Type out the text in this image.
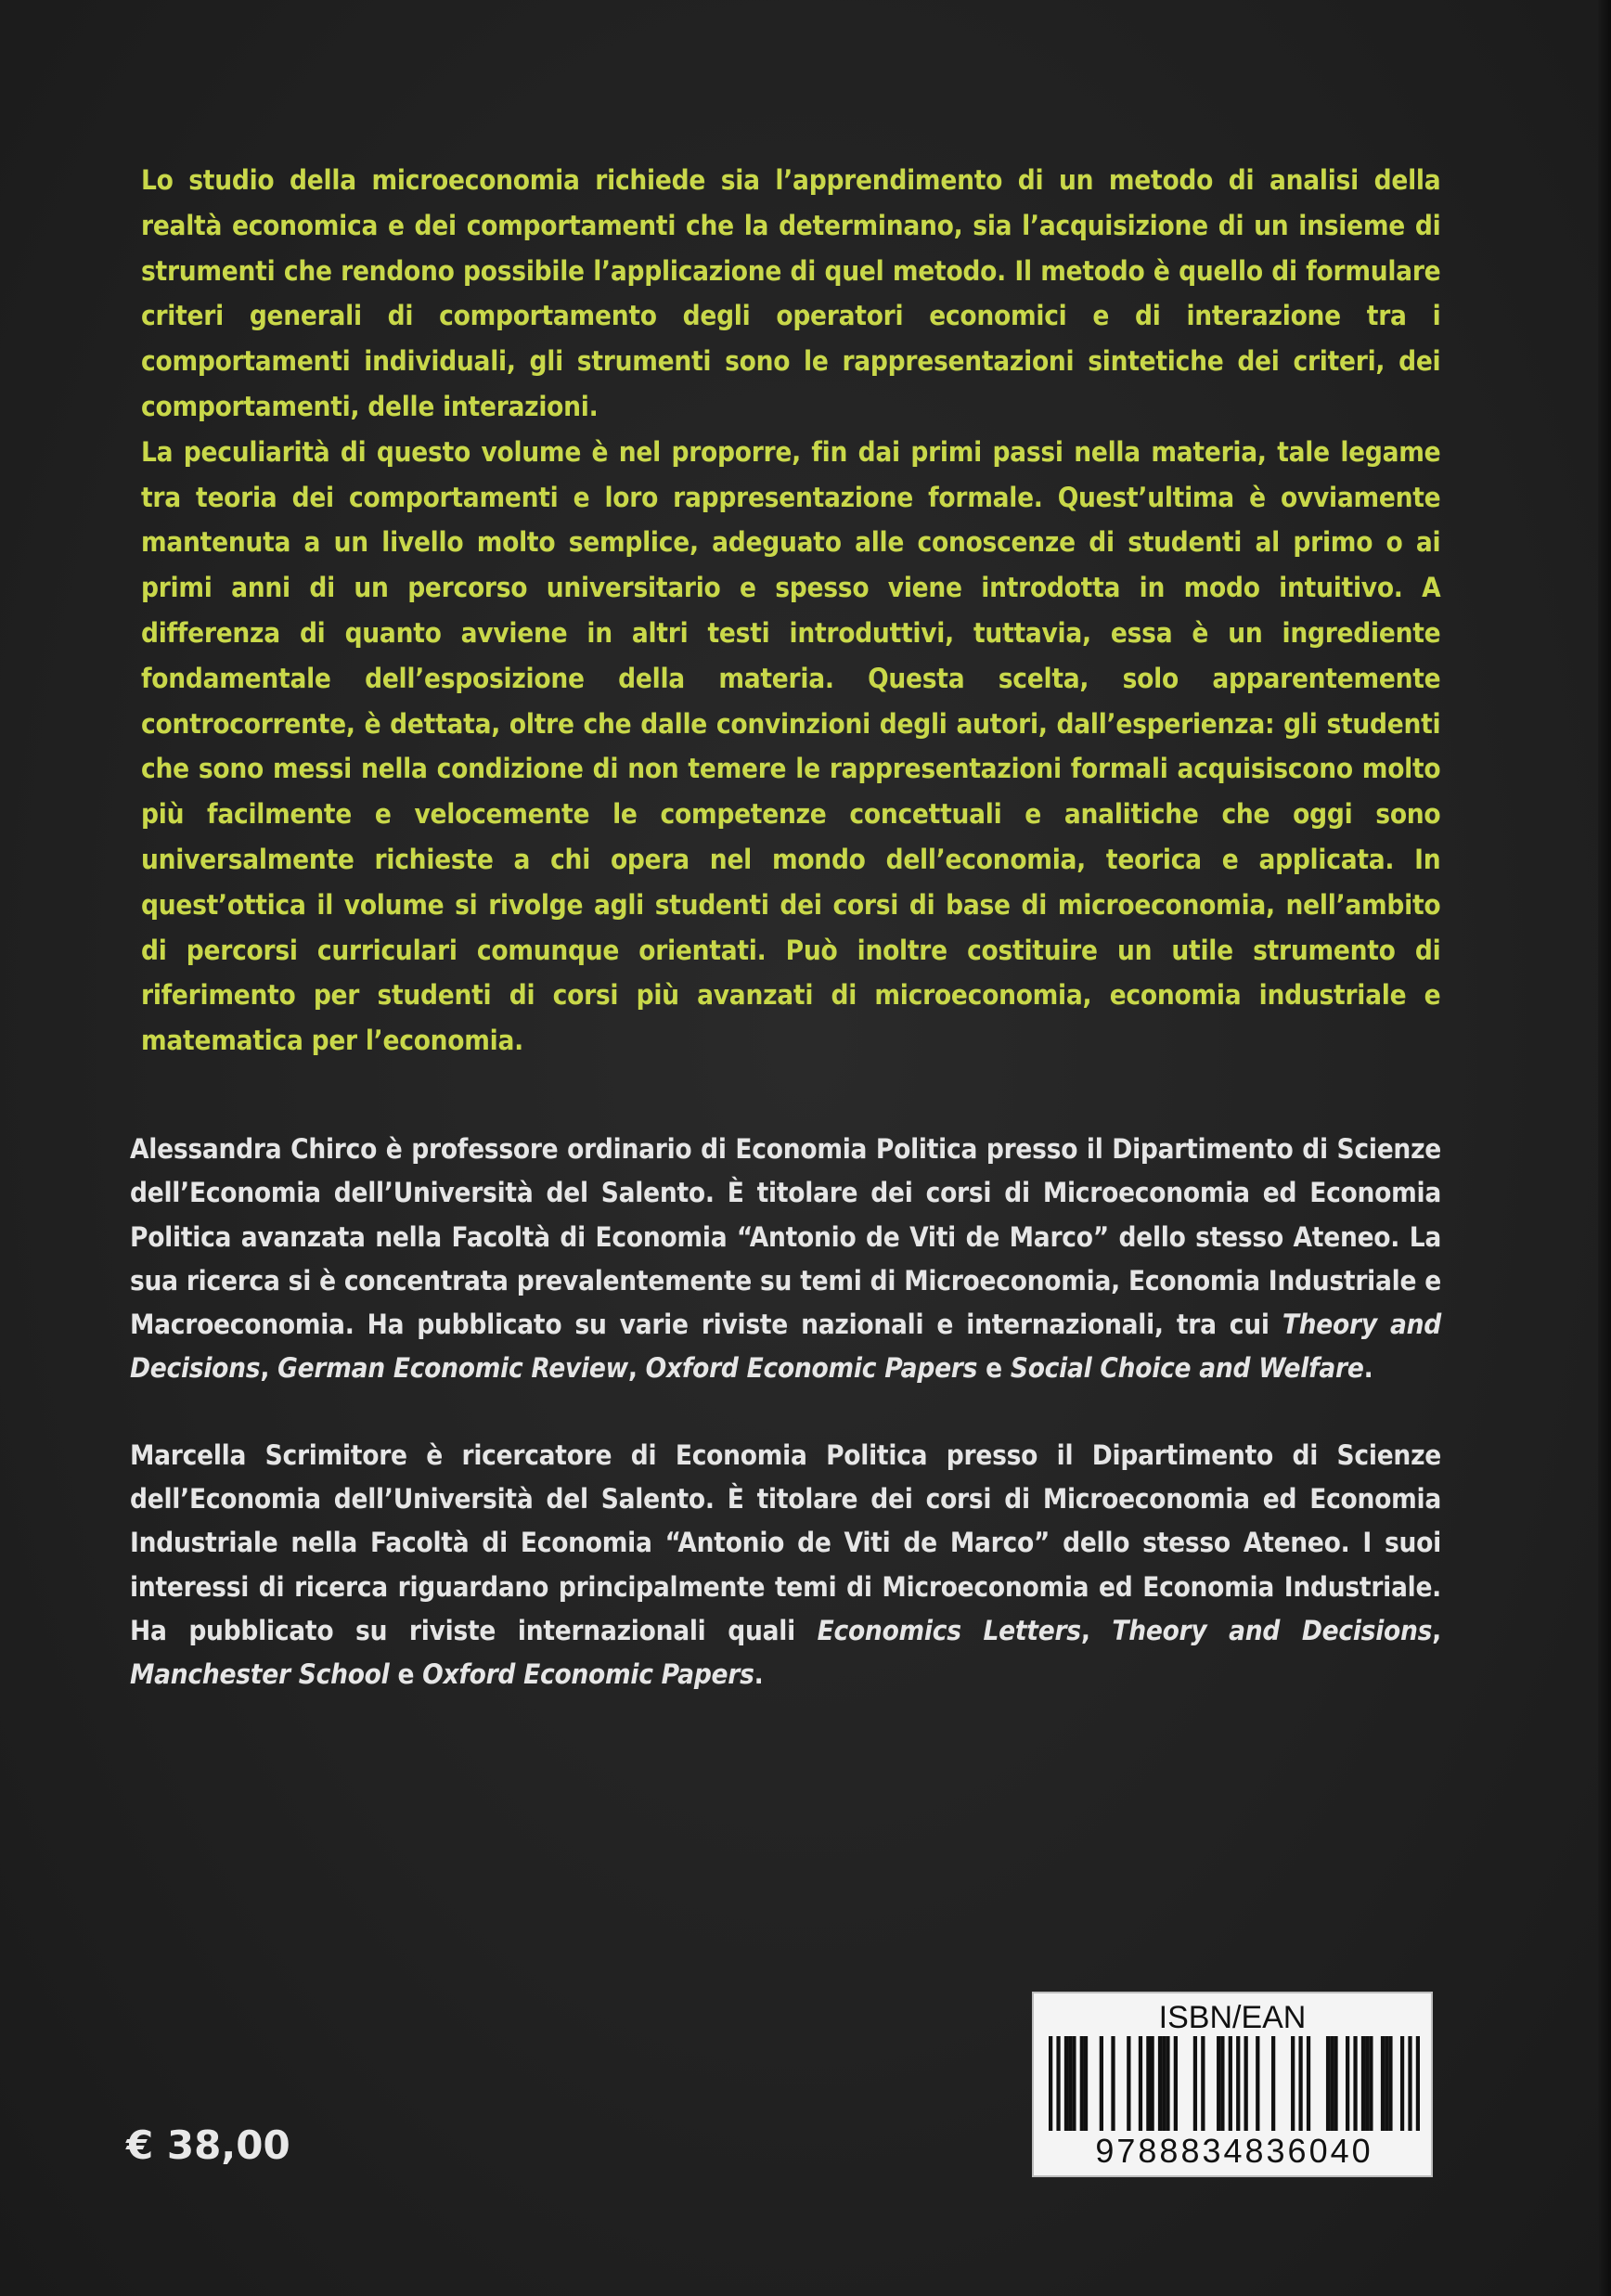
Lo studio della microeconomia richiede sia l’apprendimento di un metodo di analisi della realtà economica e dei comportamenti che la determinano, sia l’acquisizione di un insieme di strumenti che rendono possibile l’applicazione di quel metodo. Il metodo è quello di formulare criteri generali di comportamento degli operatori economici e di interazione tra i comportamenti individuali, gli strumenti sono le rappresentazioni sintetiche dei criteri, dei comportamenti, delle interazioni.

La peculiarità di questo volume è nel proporre, fin dai primi passi nella materia, tale legame tra teoria dei comportamenti e loro rappresentazione formale. Quest’ultima è ovviamente mantenuta a un livello molto semplice, adeguato alle conoscenze di studenti al primo o ai primi anni di un percorso universitario e spesso viene introdotta in modo intuitivo. A differenza di quanto avviene in altri testi introduttivi, tuttavia, essa è un ingrediente fondamentale dell’esposizione della materia. Questa scelta, solo apparentemente controcorrente, è dettata, oltre che dalle convinzioni degli autori, dall’esperienza: gli studenti che sono messi nella condizione di non temere le rappresentazioni formali acquisiscono molto più facilmente e velocemente le competenze concettuali e analitiche che oggi sono universalmente richieste a chi opera nel mondo dell’economia, teorica e applicata. In quest’ottica il volume si rivolge agli studenti dei corsi di base di microeconomia, nell’ambito di percorsi curriculari comunque orientati. Può inoltre costituire un utile strumento di riferimento per studenti di corsi più avanzati di microeconomia, economia industriale e matematica per l’economia.

Alessandra Chirco è professore ordinario di Economia Politica presso il Dipartimento di Scienze dell’Economia dell’Università del Salento. È titolare dei corsi di Microeconomia ed Economia Politica avanzata nella Facoltà di Economia “Antonio de Viti de Marco” dello stesso Ateneo. La sua ricerca si è concentrata prevalentemente su temi di Microeconomia, Economia Industriale e Macroeconomia. Ha pubblicato su varie riviste nazionali e internazionali, tra cui Theory and Decisions, German Economic Review, Oxford Economic Papers e Social Choice and Welfare.

Marcella Scrimitore è ricercatore di Economia Politica presso il Dipartimento di Scienze dell’Economia dell’Università del Salento. È titolare dei corsi di Microeconomia ed Economia Industriale nella Facoltà di Economia “Antonio de Viti de Marco” dello stesso Ateneo. I suoi interessi di ricerca riguardano principalmente temi di Microeconomia ed Economia Industriale. Ha pubblicato su riviste internazionali quali Economics Letters, Theory and Decisions, Manchester School e Oxford Economic Papers.

€ 38,00
ISBN/EAN
9788834836040
